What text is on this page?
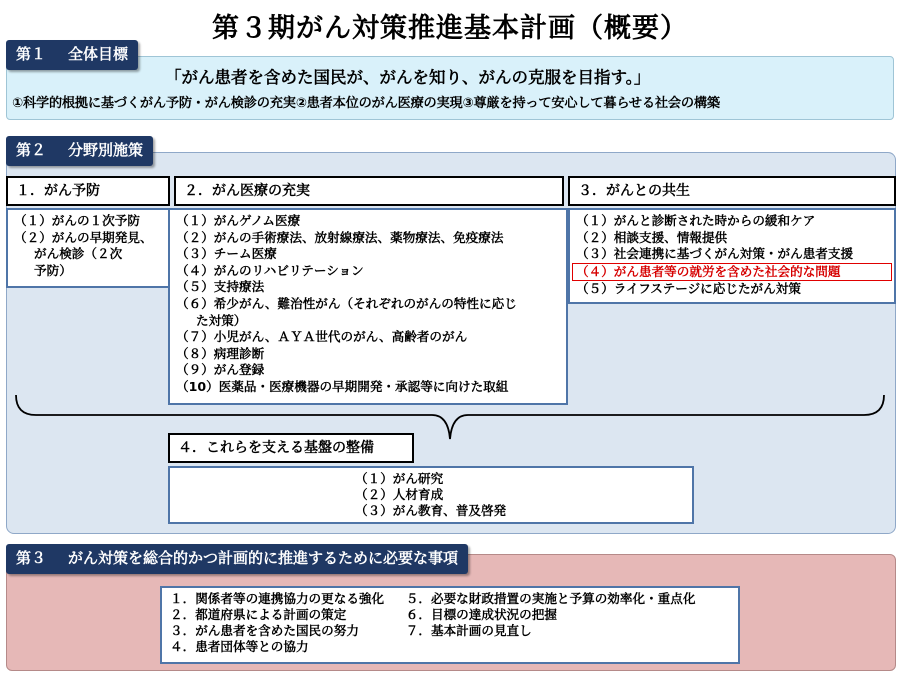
第３期がん対策推進基本計画（概要）
第１ 全体目標
「がん患者を含めた国民が、がんを知り、がんの克服を目指す。」
①科学的根拠に基づくがん予防・がん検診の充実②患者本位のがん医療の実現③尊厳を持って安心して暮らせる社会の構築
第２ 分野別施策
１．がん予防	２．がん医療の充実	３．がんとの共生
（１）がんの１次予防
（２）がんの早期発見、
がん検診（２次
予防）
（１）がんゲノム医療
（２）がんの手術療法、放射線療法、薬物療法、免疫療法
（３）チーム医療
（４）がんのリハビリテーション
（５）支持療法
（６）希少がん、難治性がん（それぞれのがんの特性に応じ
た対策）
（７）小児がん、ＡＹＡ世代のがん、高齢者のがん
（８）病理診断
（９）がん登録
（10）医薬品・医療機器の早期開発・承認等に向けた取組
（１）がんと診断された時からの緩和ケア
（２）相談支援、情報提供
（３）社会連携に基づくがん対策・がん患者支援
（４）がん患者等の就労を含めた社会的な問題
（５）ライフステージに応じたがん対策
４．これらを支える基盤の整備
（１）がん研究
（２）人材育成
（３）がん教育、普及啓発
第３ がん対策を総合的かつ計画的に推進するために必要な事項
１．関係者等の連携協力の更なる強化
２．都道府県による計画の策定
３．がん患者を含めた国民の努力
４．患者団体等との協力
５．必要な財政措置の実施と予算の効率化・重点化
６．目標の達成状況の把握
７．基本計画の見直し
